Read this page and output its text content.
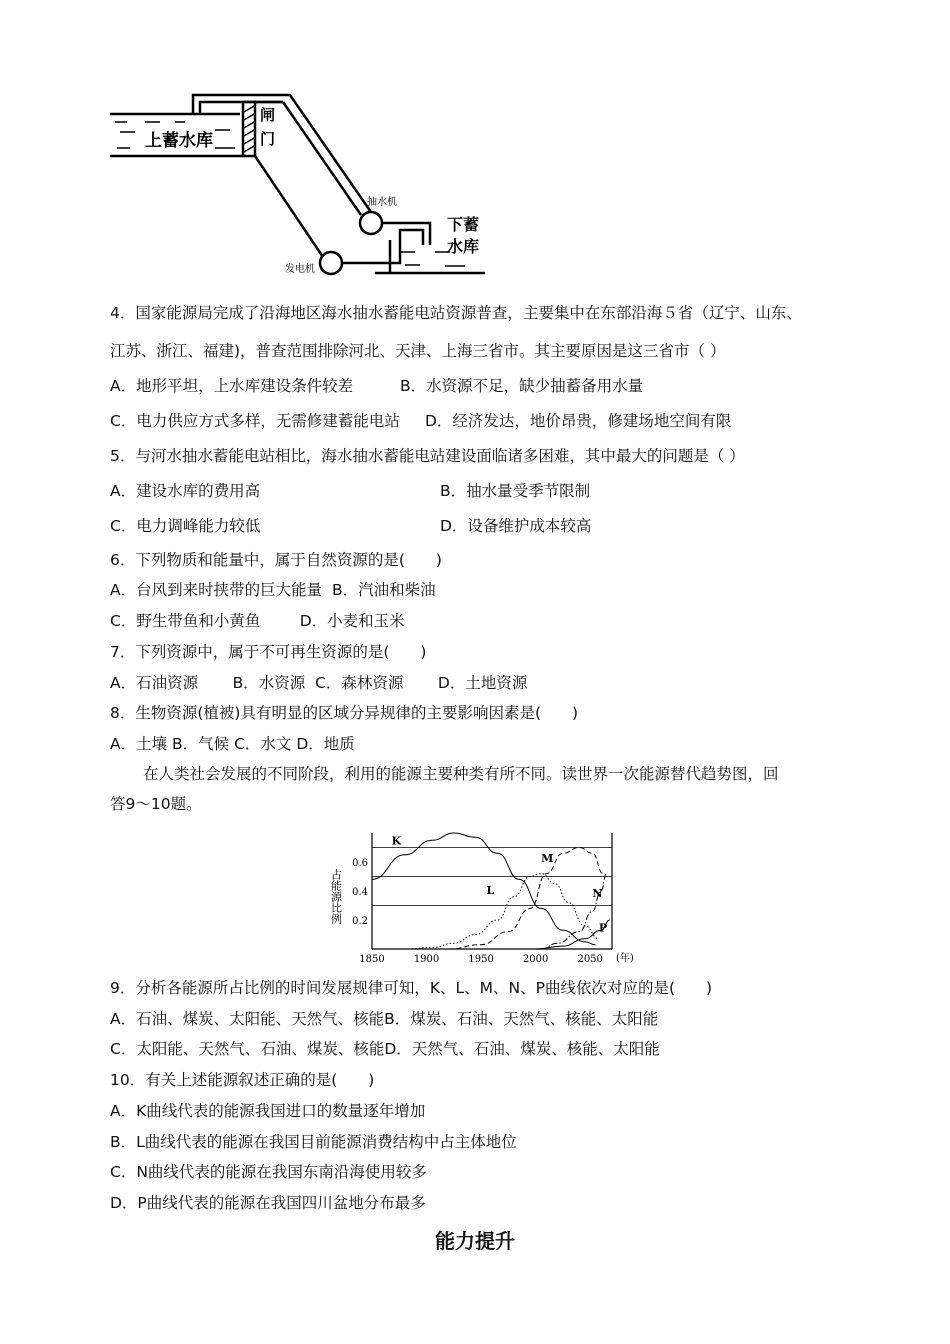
上蓄水库
闸
门
抽水机
下蓄
水库
发电机
4．国家能源局完成了沿海地区海水抽水蓄能电站资源普查，主要集中在东部沿海５省（辽宁、山东、
江苏、浙江、福建)，普查范围排除河北、天津、上海三省市。其主要原因是这三省市（ ）
A．地形平坦，上水库建设条件较差	B．水资源不足，缺少抽蓄备用水量
C．电力供应方式多样，无需修建蓄能电站 D．经济发达，地价昂贵，修建场地空间有限
5．与河水抽水蓄能电站相比，海水抽水蓄能电站建设面临诸多困难，其中最大的问题是（ ）
A．建设水库的费用高	B．抽水量受季节限制
C．电力调峰能力较低	D．设备维护成本较高
6．下列物质和能量中，属于自然资源的是(　　)
A．台风到来时挟带的巨大能量  B．汽油和柴油
C．野生带鱼和小黄鱼        D．小麦和玉米
7．下列资源中，属于不可再生资源的是(　　)
A．石油资源       B．水资源  C．森林资源       D．土地资源
8．生物资源(植被)具有明显的区域分异规律的主要影响因素是(　　)
A．土壤 B．气候 C．水文 D．地质
在人类社会发展的不同阶段，利用的能源主要种类有所不同。读世界一次能源替代趋势图，回
答9～10题。
0.2
0.4
0.6
1850	1900	1950	2000	2050
占能源比例
(年)
K
L
M
N
P
9．分析各能源所占比例的时间发展规律可知，K、L、M、N、P曲线依次对应的是(　　)
A．石油、煤炭、太阳能、天然气、核能B．煤炭、石油、天然气、核能、太阳能
C．太阳能、天然气、石油、煤炭、核能D．天然气、石油、煤炭、核能、太阳能
10．有关上述能源叙述正确的是(　　)
A．K曲线代表的能源我国进口的数量逐年增加
B．L曲线代表的能源在我国目前能源消费结构中占主体地位
C．N曲线代表的能源在我国东南沿海使用较多
D．P曲线代表的能源在我国四川盆地分布最多
能力提升
